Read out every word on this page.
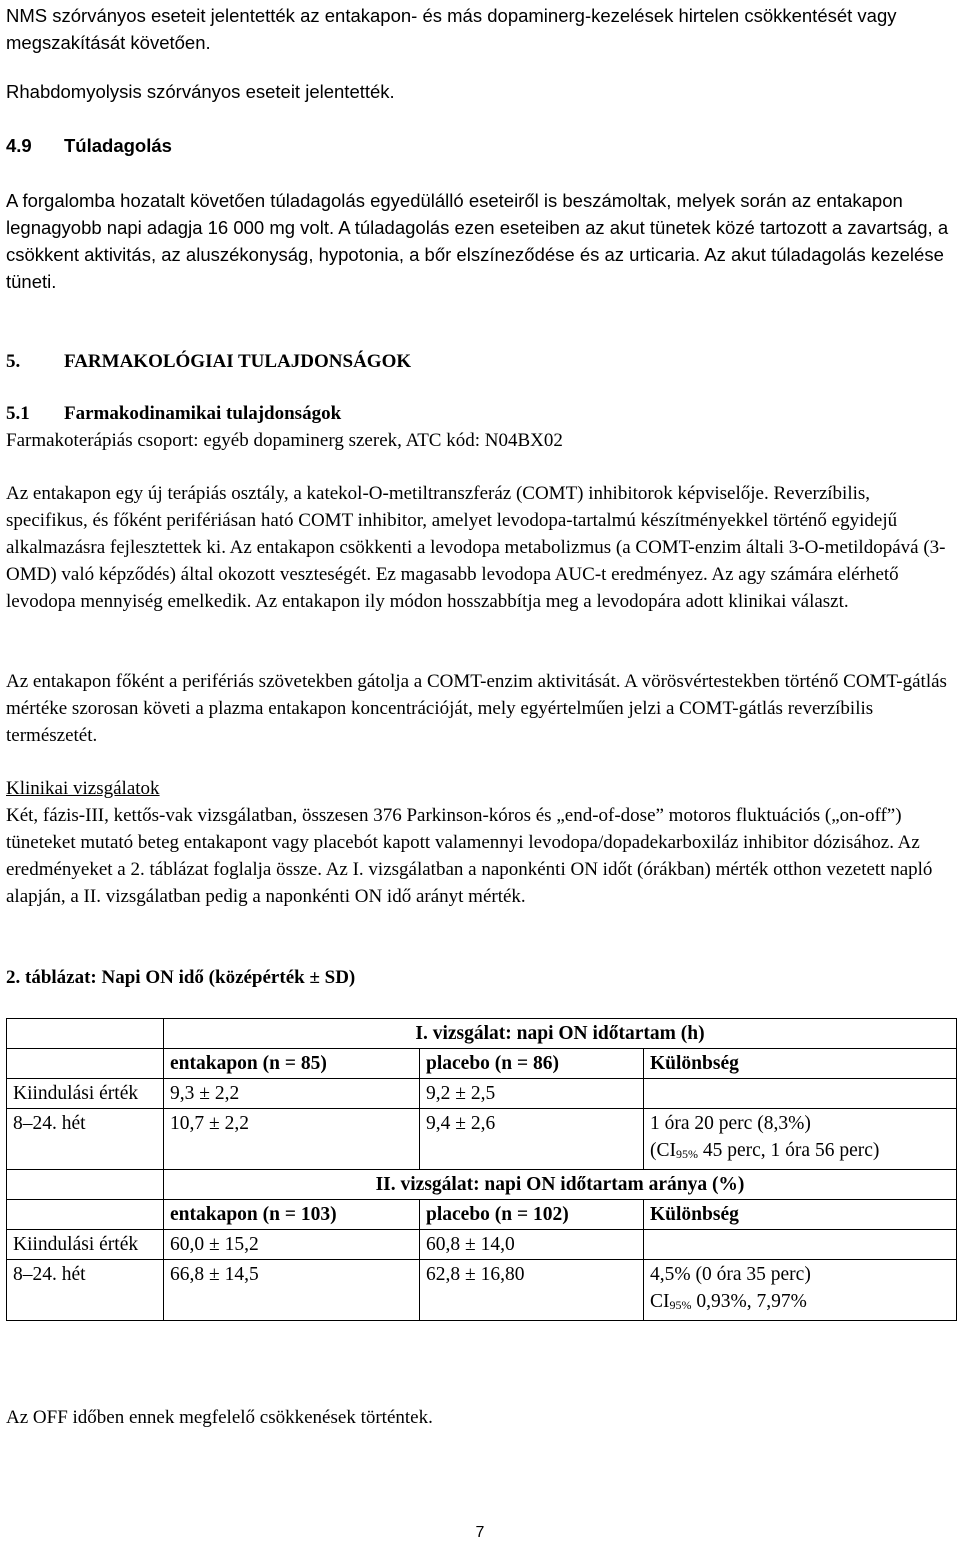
NMS szórványos eseteit jelentették az entakapon- és más dopaminerg-kezelések hirtelen csökkentését vagy megszakítását követően.
Rhabdomyolysis szórványos eseteit jelentették.
4.9 Túladagolás
A forgalomba hozatalt követően túladagolás egyedülálló eseteiről is beszámoltak, melyek során az entakapon legnagyobb napi adagja 16 000 mg volt. A túladagolás ezen eseteiben az akut tünetek közé tartozott a zavartság, a csökkent aktivitás, az aluszékonyság, hypotonia, a bőr elszíneződése és az urticaria. Az akut túladagolás kezelése tüneti.
5. FARMAKOLÓGIAI TULAJDONSÁGOK
5.1 Farmakodinamikai tulajdonságok
Farmakoterápiás csoport: egyéb dopaminerg szerek, ATC kód: N04BX02
Az entakapon egy új terápiás osztály, a katekol-O-metiltranszferáz (COMT) inhibitorok képviselője. Reverzíbilis, specifikus, és főként perifériásan ható COMT inhibitor, amelyet levodopa-tartalmú készítményekkel történő egyidejű alkalmazásra fejlesztettek ki. Az entakapon csökkenti a levodopa metabolizmus (a COMT-enzim általi 3-O-metildopává (3-OMD) való képződés) által okozott veszteségét. Ez magasabb levodopa AUC-t eredményez. Az agy számára elérhető levodopa mennyiség emelkedik. Az entakapon ily módon hosszabbítja meg a levodopára adott klinikai választ.
Az entakapon főként a perifériás szövetekben gátolja a COMT-enzim aktivitását. A vörösvértestekben történő COMT-gátlás mértéke szorosan követi a plazma entakapon koncentrációját, mely egyértelműen jelzi a COMT-gátlás reverzíbilis természetét.
Klinikai vizsgálatok
Két, fázis-III, kettős-vak vizsgálatban, összesen 376 Parkinson-kóros és „end-of-dose” motoros fluktuációs („on-off”) tüneteket mutató beteg entakapont vagy placebót kapott valamennyi levodopa/dopadekarboxiláz inhibitor dózisához. Az eredményeket a 2. táblázat foglalja össze. Az I. vizsgálatban a naponkénti ON időt (órákban) mérték otthon vezetett napló alapján, a II. vizsgálatban pedig a naponkénti ON idő arányt mérték.
2. táblázat: Napi ON idő (középérték ± SD)
	I. vizsgálat: napi ON időtartam (h)		
	entakapon (n = 85)	placebo (n = 86)	Különbség
Kiindulási érték	9,3 ± 2,2	9,2 ± 2,5	
8–24. hét	10,7 ± 2,2	9,4 ± 2,6	1 óra 20 perc (8,3%)
($CI_{95\%}$ 45 perc, 1 óra 56 perc)

	II. vizsgálat: napi ON időtartam aránya (%)		
	entakapon (n = 103)	placebo (n = 102)	Különbség
Kiindulási érték	60,0 ± 15,2	60,8 ± 14,0	
8–24. hét	66,8 ± 14,5	62,8 ± 16,80	4,5% (0 óra 35 perc)
$CI_{95\%}$ 0,93%, 7,97%
Az OFF időben ennek megfelelő csökkenések történtek.
7
